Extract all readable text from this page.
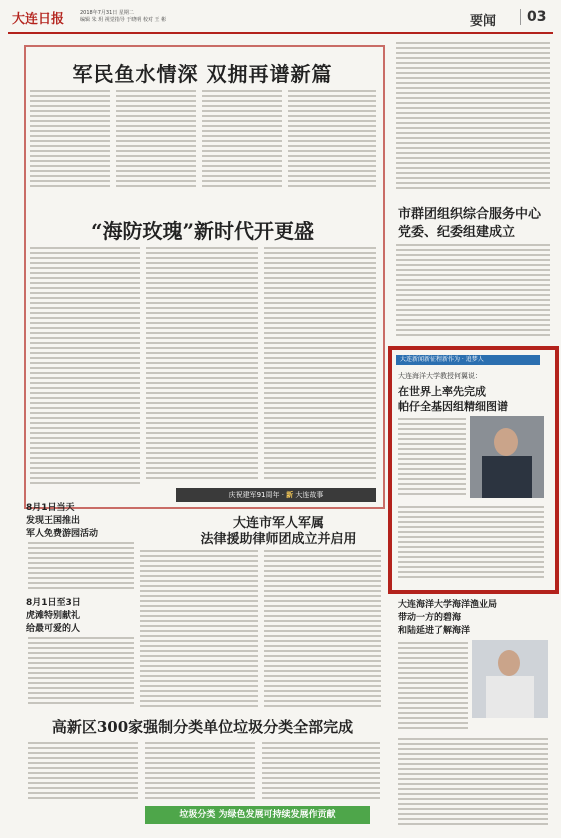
大连日报	2018年7月31日 星期二
编辑 朱 玥 视觉指导 于晓明 校对 王 彬	要闻	03
军民鱼水情深 双拥再谱新篇
“海防玫瑰”新时代开更盛
庆祝建军91周年 · 新 大连故事
大连市军人军属
法律援助律师团成立并启用
8月1日当天
发现王国推出
军人免费游园活动
8月1日至3日
虎滩特别献礼
给最可爱的人
高新区300家强制分类单位垃圾分类全部完成
垃圾分类 为绿色发展可持续发展作贡献
市群团组织综合服务中心
党委、纪委组建成立
大连新闻新征程新作为 · 追梦人
大连海洋大学教授何翼说：
在世界上率先完成
帕仔全基因组精细图谱
大连海洋大学海洋渔业局
带动一方的碧海
和陆延进了解海洋
